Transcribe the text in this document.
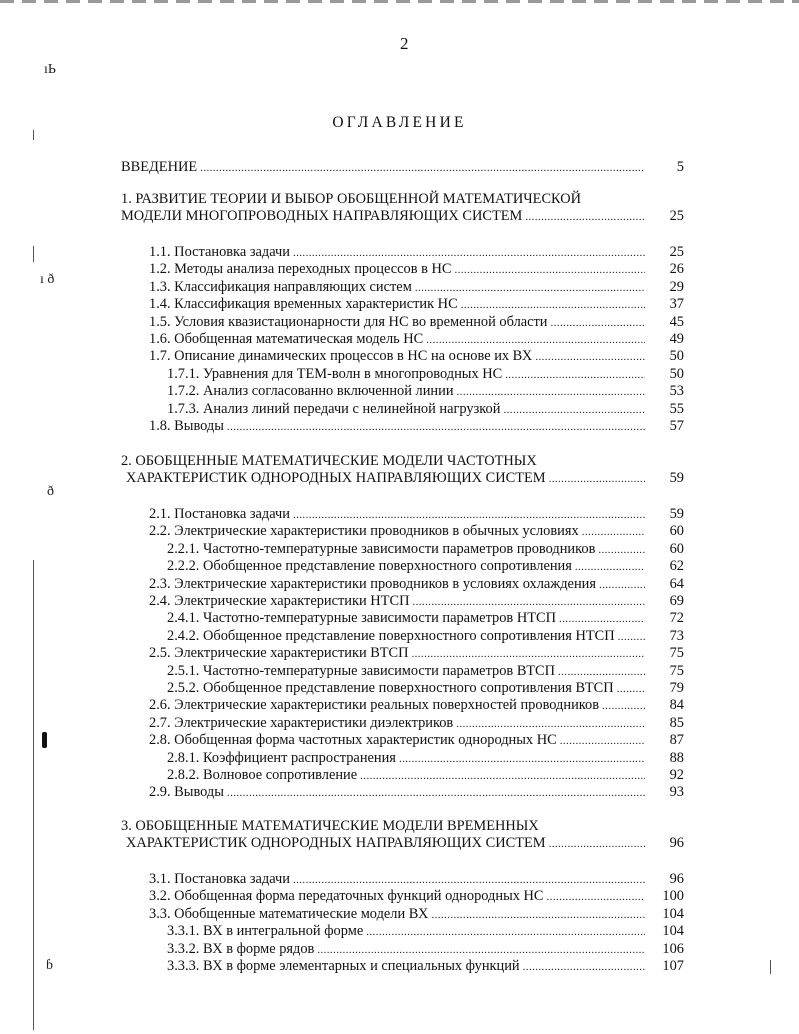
ıЬ
ı ð
ð
ɓ
2
ОГЛАВЛЕНИЕ
ВВЕДЕНИЕ .....	5
1. РАЗВИТИЕ ТЕОРИИ И ВЫБОР ОБОБЩЕННОЙ МАТЕМАТИЧЕСКОЙ
МОДЕЛИ МНОГОПРОВОДНЫХ НАПРАВЛЯЮЩИХ СИСТЕМ .....	25
1.1. Постановка задачи .....	25
1.2. Методы анализа переходных процессов в НС .....	26
1.3. Классификация направляющих систем .....	29
1.4. Классификация временных характеристик НС .....	37
1.5. Условия квазистационарности для НС во временной области .....	45
1.6. Обобщенная математическая модель НС .....	49
1.7. Описание динамических процессов в НС на основе их ВХ .....	50
1.7.1. Уравнения для ТЕМ-волн в многопроводных НС .....	50
1.7.2. Анализ согласованно включенной линии .....	53
1.7.3. Анализ линий передачи с нелинейной нагрузкой .....	55
1.8. Выводы .....	57
2. ОБОБЩЕННЫЕ МАТЕМАТИЧЕСКИЕ МОДЕЛИ ЧАСТОТНЫХ
ХАРАКТЕРИСТИК ОДНОРОДНЫХ НАПРАВЛЯЮЩИХ СИСТЕМ .....	59
2.1. Постановка задачи .....	59
2.2. Электрические характеристики проводников в обычных условиях .....	60
2.2.1. Частотно-температурные зависимости параметров проводников .....	60
2.2.2. Обобщенное представление поверхностного сопротивления .....	62
2.3. Электрические характеристики проводников в условиях охлаждения .....	64
2.4. Электрические характеристики НТСП .....	69
2.4.1. Частотно-температурные зависимости параметров НТСП .....	72
2.4.2. Обобщенное представление поверхностного сопротивления НТСП .....	73
2.5. Электрические характеристики ВТСП .....	75
2.5.1. Частотно-температурные зависимости параметров ВТСП .....	75
2.5.2. Обобщенное представление поверхностного сопротивления ВТСП .....	79
2.6. Электрические характеристики реальных поверхностей проводников .....	84
2.7. Электрические характеристики диэлектриков .....	85
2.8. Обобщенная форма частотных характеристик однородных НС .....	87
2.8.1. Коэффициент распространения .....	88
2.8.2. Волновое сопротивление .....	92
2.9. Выводы .....	93
3. ОБОБЩЕННЫЕ МАТЕМАТИЧЕСКИЕ МОДЕЛИ ВРЕМЕННЫХ
ХАРАКТЕРИСТИК ОДНОРОДНЫХ НАПРАВЛЯЮЩИХ СИСТЕМ .....	96
3.1. Постановка задачи .....	96
3.2. Обобщенная форма передаточных функций однородных НС .....	100
3.3. Обобщенные математические модели ВХ .....	104
3.3.1. ВХ в интегральной форме .....	104
3.3.2. ВХ в форме рядов .....	106
3.3.3. ВХ в форме элементарных и специальных функций .....	107
